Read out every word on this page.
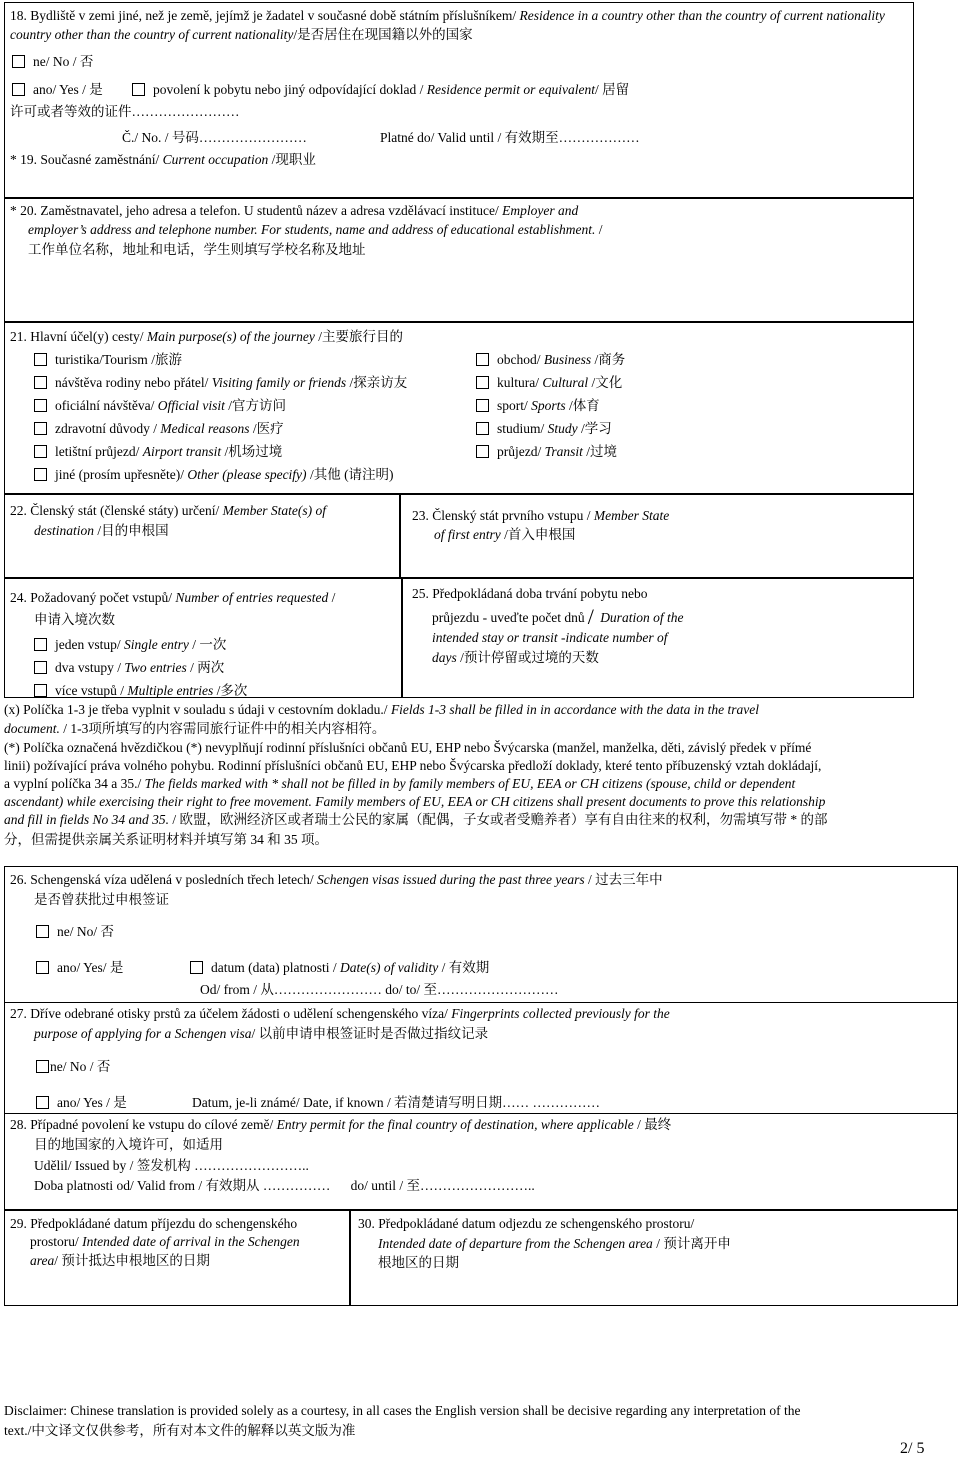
18. Bydliště v zemi jiné, než je země, jejímž je žadatel v současné době státním příslušníkem/ Residence in a country other than the country of current nationality
country other than the country of current nationality/是否居住在现国籍以外的国家
ne/ No / 否
ano/ Yes / 是	povolení k pobytu nebo jiný odpovídající doklad / Residence permit or equivalent/ 居留
许可或者等效的证件……………………
Č./ No. / 号码……………………	Platné do/ Valid until / 有效期至………………
* 19. Současné zaměstnání/ Current occupation /现职业
* 20. Zaměstnavatel, jeho adresa a telefon. U studentů název a adresa vzdělávací instituce/ Employer and
employer’s address and telephone number. For students, name and address of educational establishment. /
工作单位名称，地址和电话，学生则填写学校名称及地址
21. Hlavní účel(y) cesty/ Main purpose(s) of the journey /主要旅行目的
turistika/Tourism /旅游
návštěva rodiny nebo přátel/ Visiting family or friends /探亲访友
oficiální návštěva/ Official visit /官方访问
zdravotní důvody / Medical reasons /医疗
letištní průjezd/ Airport transit /机场过境
jiné (prosím upřesněte)/ Other (please specify) /其他 (请注明)
obchod/ Business /商务
kultura/ Cultural /文化
sport/ Sports /体育
studium/ Study /学习
průjezd/ Transit /过境
22. Členský stát (členské státy) určení/ Member State(s) of
destination /目的申根国
23. Členský stát prvního vstupu / Member State
of first entry /首入申根国
24. Požadovaný počet vstupů/ Number of entries requested /
申请入境次数
jeden vstup/ Single entry / 一次
dva vstupy / Two entries / 两次
více vstupů / Multiple entries /多次
25. Předpokládaná doba trvání pobytu nebo
průjezdu - uveďte počet dnů / Duration of the
intended stay or transit -indicate number of
days /预计停留或过境的天数
(x) Políčka 1-3 je třeba vyplnit v souladu s údaji v cestovním dokladu./ Fields 1-3 shall be filled in in accordance with the data in the travel
document. / 1-3项所填写的内容需同旅行证件中的相关内容相符。
(*) Políčka označená hvězdičkou (*) nevyplňují rodinní příslušníci občanů EU, EHP nebo Švýcarska (manžel, manželka, děti, závislý předek v přímé
linii) požívající práva volného pohybu. Rodinní příslušníci občanů EU, EHP nebo Švýcarska předloží doklady, které tento příbuzenský vztah dokládají,
a vyplní políčka 34 a 35./ The fields marked with * shall not be filled in by family members of EU, EEA or CH citizens (spouse, child or dependent
ascendant) while exercising their right to free movement. Family members of EU, EEA or CH citizens shall present documents to prove this relationship
and fill in fields No 34 and 35. / 欧盟，欧洲经济区或者瑞士公民的家属（配偶，子女或者受赡养者）享有自由往来的权利，勿需填写带 * 的部
分，但需提供亲属关系证明材料并填写第 34 和 35 项。
26. Schengenská víza udělená v posledních třech letech/ Schengen visas issued during the past three years / 过去三年中
是否曾获批过申根签证
ne/ No/ 否
ano/ Yes/ 是	datum (data) platnosti / Date(s) of validity / 有效期
Od/ from / 从…………………… do/ to/ 至………………………
27. Dříve odebrané otisky prstů za účelem žádosti o udělení schengenského víza/ Fingerprints collected previously for the
purpose of applying for a Schengen visa/ 以前申请申根签证时是否做过指纹记录
ne/ No / 否
ano/ Yes / 是	Datum, je-li známé/ Date, if known / 若清楚请写明日期…… ……………
28. Případné povolení ke vstupu do cílové země/ Entry permit for the final country of destination, where applicable / 最终
目的地国家的入境许可，如适用
Udělil/ Issued by / 签发机构 ……………………..
Doba platnosti od/ Valid from / 有效期从 ……………      do/ until / 至……………………..
29. Předpokládané datum příjezdu do schengenského
prostoru/ Intended date of arrival in the Schengen
area/ 预计抵达申根地区的日期
30. Předpokládané datum odjezdu ze schengenského prostoru/
Intended date of departure from the Schengen area / 预计离开申
根地区的日期
Disclaimer: Chinese translation is provided solely as a courtesy, in all cases the English version shall be decisive regarding any interpretation of the
text./中文译文仅供参考，所有对本文件的解释以英文版为准
2/ 5
